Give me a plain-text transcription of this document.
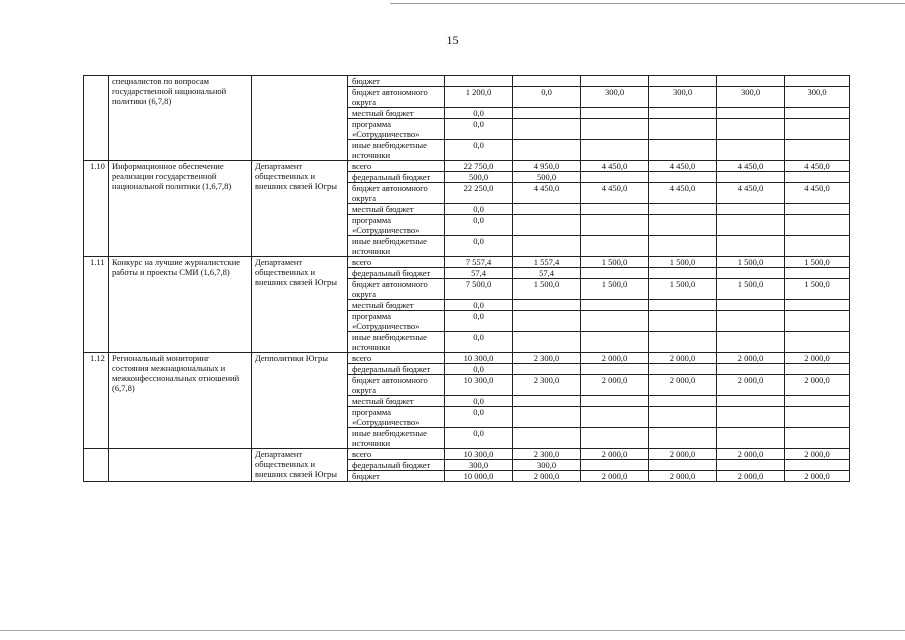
15
	специалистов по вопросам государственной национальной политики (6,7,8)		бюджет						
			бюджет автономного округа	1 200,0	0,0	300,0	300,0	300,0	300,0
			местный бюджет	0,0					
			программа «Сотрудничество»	0,0					
			иные внебюджетные источники	0,0					
1.10	Информационное обеспечение реализации государственной национальной политики (1,6,7,8)	Департамент общественных и внешних связей Югры	всего	22 750,0	4 950,0	4 450,0	4 450,0	4 450,0	4 450,0
			федеральный бюджет	500,0	500,0				
			бюджет автономного округа	22 250,0	4 450,0	4 450,0	4 450,0	4 450,0	4 450,0
			местный бюджет	0,0					
			программа «Сотрудничество»	0,0					
			иные внебюджетные источники	0,0					
1.11	Конкурс на лучшие журналистские работы и проекты СМИ (1,6,7,8)	Департамент общественных и внешних связей Югры	всего	7 557,4	1 557,4	1 500,0	1 500,0	1 500,0	1 500,0
			федеральный бюджет	57,4	57,4				
			бюджет автономного округа	7 500,0	1 500,0	1 500,0	1 500,0	1 500,0	1 500,0
			местный бюджет	0,0					
			программа «Сотрудничество»	0,0					
			иные внебюджетные источники	0,0					
1.12	Региональный мониторинг состояния межнациональных и межконфессиональных отношений (6,7,8)	Депполитики Югры	всего	10 300,0	2 300,0	2 000,0	2 000,0	2 000,0	2 000,0
			федеральный бюджет	0,0					
			бюджет автономного округа	10 300,0	2 300,0	2 000,0	2 000,0	2 000,0	2 000,0
			местный бюджет	0,0					
			программа «Сотрудничество»	0,0					
			иные внебюджетные источники	0,0					
		Департамент общественных и внешних связей Югры	всего	10 300,0	2 300,0	2 000,0	2 000,0	2 000,0	2 000,0
			федеральный бюджет	300,0	300,0				
			бюджет	10 000,0	2 000,0	2 000,0	2 000,0	2 000,0	2 000,0
